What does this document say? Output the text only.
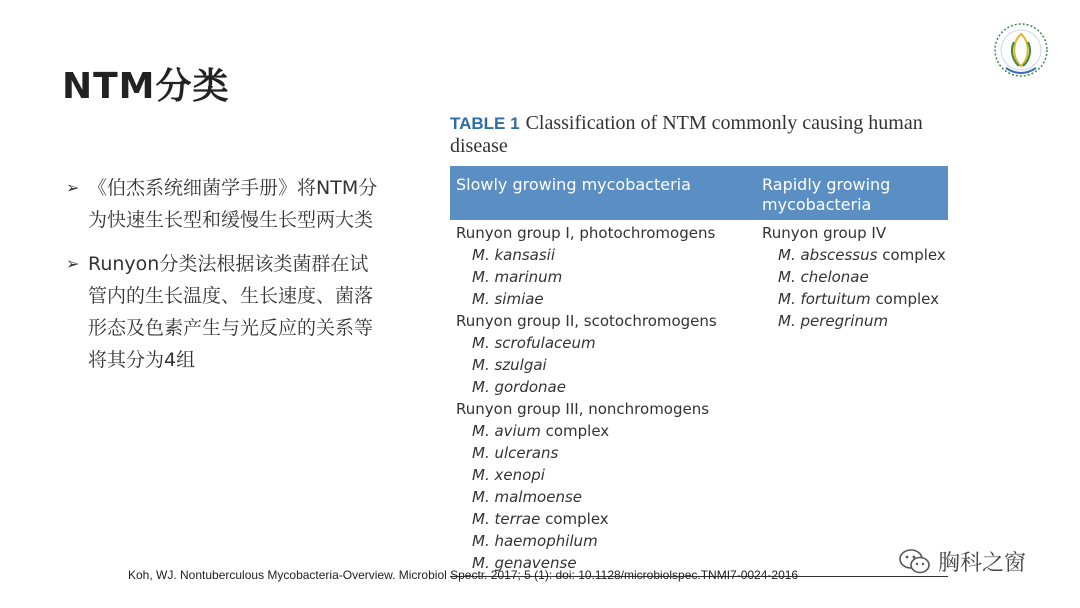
NTM分类
➢ 《伯杰系统细菌学手册》将NTM分为快速生长型和缓慢生长型两大类
➢ Runyon分类法根据该类菌群在试管内的生长温度、生长速度、菌落形态及色素产生与光反应的关系等将其分为4组
TABLE 1 Classification of NTM commonly causing human disease
Slowly growing mycobacteria	Rapidly growing mycobacteria
Runyon group I, photochromogens
M. kansasii
M. marinum
M. simiae
Runyon group II, scotochromogens
M. scrofulaceum
M. szulgai
M. gordonae
Runyon group III, nonchromogens
M. avium complex
M. ulcerans
M. xenopi
M. malmoense
M. terrae complex
M. haemophilum
M. genavense
Runyon group IV
M. abscessus complex
M. chelonae
M. fortuitum complex
M. peregrinum
Koh, WJ. Nontuberculous Mycobacteria-Overview. Microbiol Spectr. 2017; 5 (1): doi: 10.1128/microbiolspec.TNMI7-0024-2016	胸科之窗
